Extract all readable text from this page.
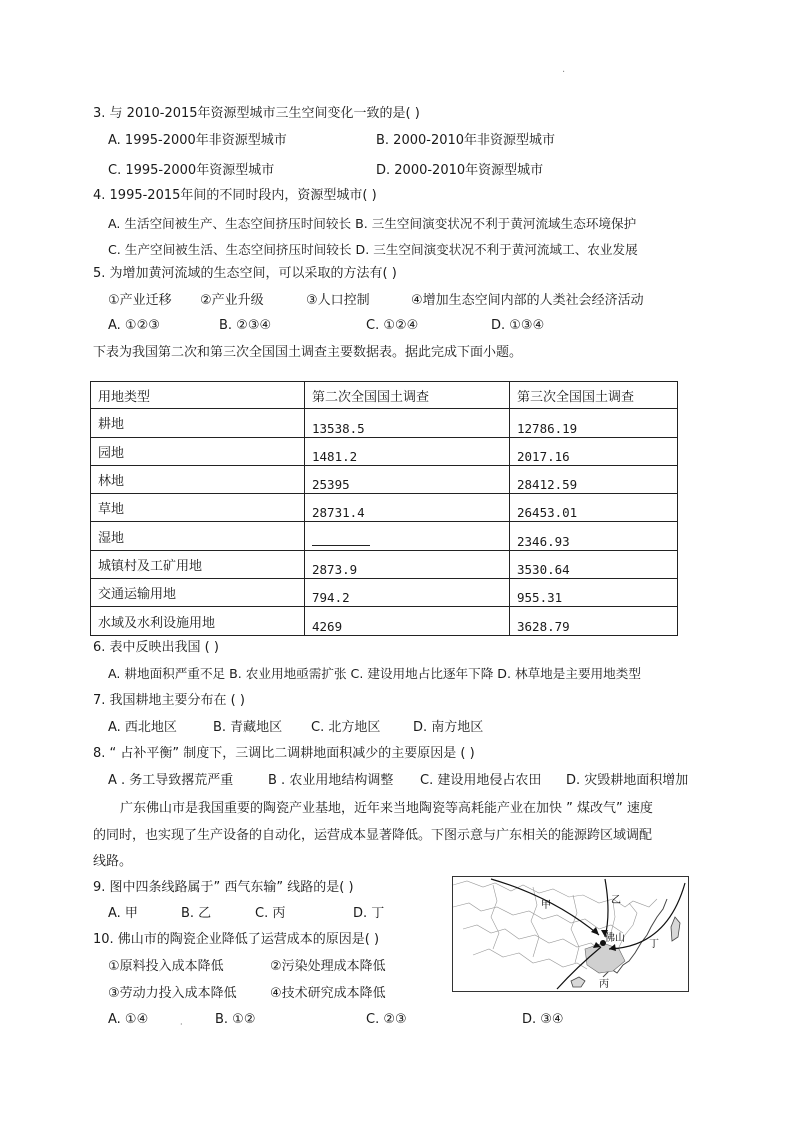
·
3. 与 2010-2015年资源型城市三生空间变化一致的是( )
A. 1995-2000年非资源型城市	B. 2000-2010年非资源型城市
C. 1995-2000年资源型城市	D. 2000-2010年资源型城市
4. 1995-2015年间的不同时段内，资源型城市( )
A. 生活空间被生产、生态空间挤压时间较长 B. 三生空间演变状况不利于黄河流域生态环境保护
C. 生产空间被生活、生态空间挤压时间较长 D. 三生空间演变状况不利于黄河流域工、农业发展
5. 为增加黄河流域的生态空间，可以采取的方法有( )
①产业迁移 ②产业升级	③人口控制	④增加生态空间内部的人类社会经济活动
A. ①②③	B. ②③④	C. ①②④	D. ①③④
下表为我国第二次和第三次全国国土调查主要数据表。据此完成下面小题。
用地类型	第二次全国国土调查	第三次全国国土调查
耕地	13538.5	12786.19
园地	1481.2	2017.16
林地	25395	28412.59
草地	28731.4	26453.01
湿地		2346.93
城镇村及工矿用地	2873.9	3530.64
交通运输用地	794.2	955.31
水域及水利设施用地	4269	3628.79
6. 表中反映出我国 ( )
A. 耕地面积严重不足 B. 农业用地亟需扩张 C. 建设用地占比逐年下降 D. 林草地是主要用地类型
7. 我国耕地主要分布在 ( )
A. 西北地区	B. 青藏地区 C. 北方地区	D. 南方地区
8. “ 占补平衡” 制度下，三调比二调耕地面积减少的主要原因是 ( )
A . 务工导致撂荒严重	B . 农业用地结构调整 C. 建设用地侵占农田 D. 灾毁耕地面积增加
广东佛山市是我国重要的陶瓷产业基地，近年来当地陶瓷等高耗能产业在加快 ” 煤改气” 速度
的同时，也实现了生产设备的自动化，运营成本显著降低。下图示意与广东相关的能源跨区域调配
线路。
9. 图中四条线路属于” 西气东输” 线路的是( )
A. 甲	B. 乙	C. 丙	D. 丁
10. 佛山市的陶瓷企业降低了运营成本的原因是( )
①原料投入成本降低	②污染处理成本降低
③劳动力投入成本降低	④技术研究成本降低
A. ①④	B. ①②	C. ②③	D. ③④
·
甲	乙
丙
丁
佛山
